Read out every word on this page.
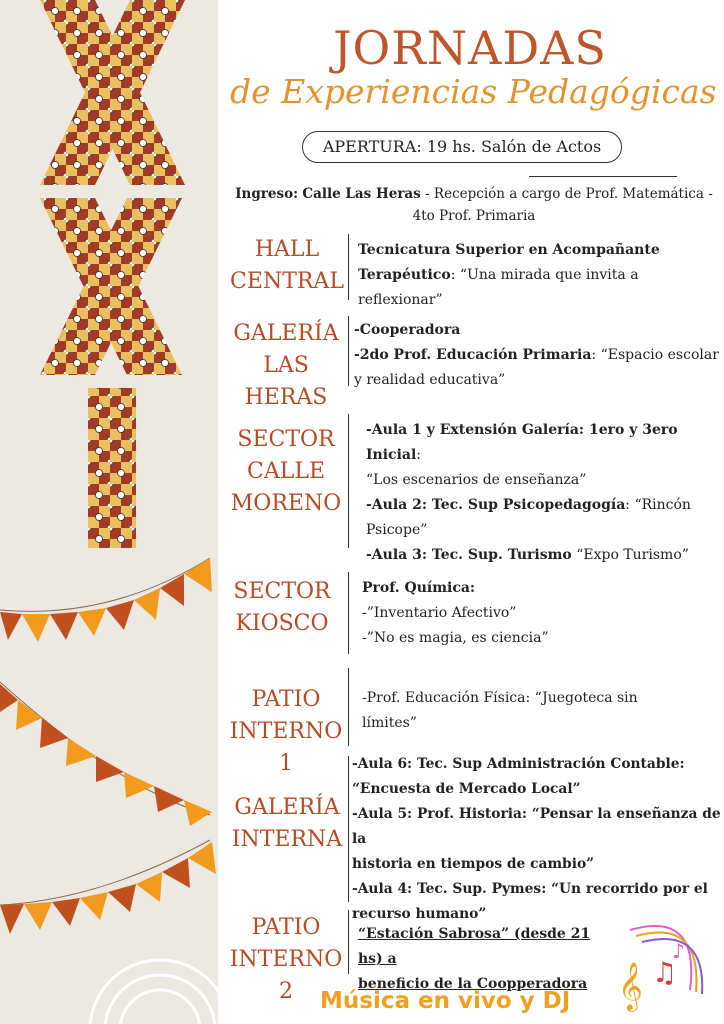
𝄞 ♫
♪
JORNADAS
de Experiencias Pedagógicas
APERTURA: 19 hs. Salón de Actos
Ingreso: Calle Las Heras - Recepción a cargo de Prof. Matemática - 4to Prof. Primaria
HALL
CENTRAL

Tecnicatura Superior en Acompañante

Terapéutico: “Una mirada que invita a reflexionar”

GALERÍA
LAS HERAS

-Cooperadora

-2do Prof. Educación Primaria: “Espacio escolar

y realidad educativa”

SECTOR
CALLE
MORENO

-Aula 1 y Extensión Galería: 1ero y 3ero Inicial:

“Los escenarios de enseñanza”

-Aula 2: Tec. Sup Psicopedagogía: “Rincón

Psicope”

-Aula 3: Tec. Sup. Turismo “Expo Turismo”

SECTOR
KIOSCO

Prof. Química:

-”Inventario Afectivo”

-”No es magia, es ciencia”

PATIO
INTERNO 1

-Prof. Educación Física: “Juegoteca sin

límites”

GALERÍA
INTERNA

-Aula 6: Tec. Sup Administración Contable:

“Encuesta de Mercado Local”

-Aula 5: Prof. Historia: “Pensar la enseñanza de la

historia en tiempos de cambio”

-Aula 4: Tec. Sup. Pymes: “Un recorrido por el

recurso humano”

PATIO
INTERNO 2

“Estación Sabrosa” (desde 21 hs) a

beneficio de la Coopperadora

Música en vivo y DJ
